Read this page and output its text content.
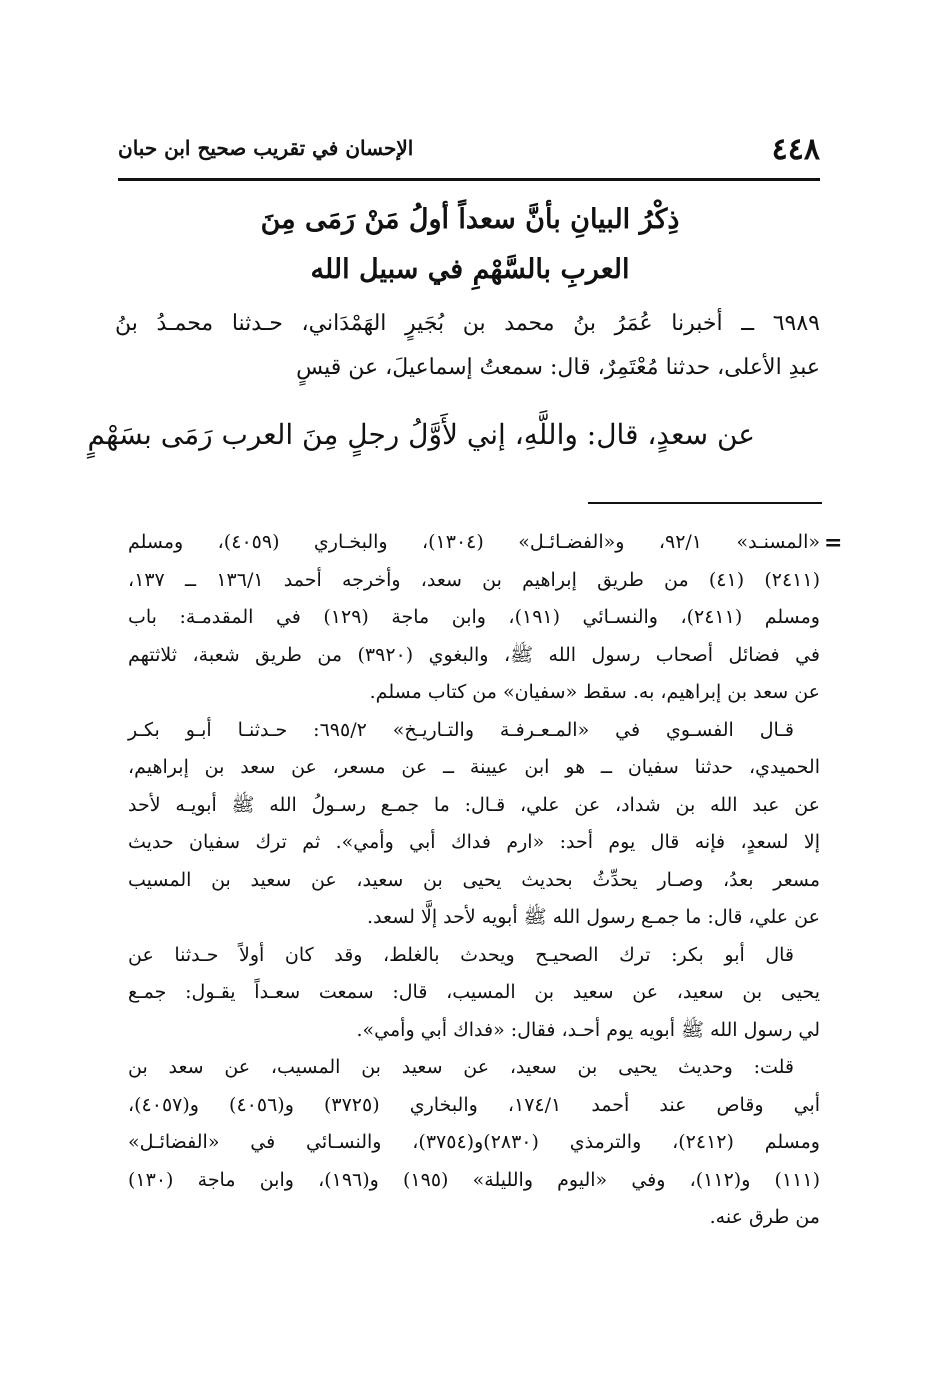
الإحسان في تقريب صحيح ابن حبان	٤٤٨
ذِكْرُ البيانِ بأنَّ سعداً أولُ مَنْ رَمَى مِنَ
العربِ بالسَّهْمِ في سبيل الله
٦٩٨٩ ــ أخبرنا عُمَرُ بنُ محمد بن بُجَيرٍ الهَمْدَاني، حـدثنا محمـدُ بنُ
عبدِ الأعلى، حدثنا مُعْتَمِرٌ، قال: سمعتُ إسماعيلَ، عن قيسٍ
عن سعدٍ، قال: واللَّهِ، إني لأَوَّلُ رجلٍ مِنَ العرب رَمَى بسَهْمٍ
=
«المسنـد» ٩٢/١، و«الفضـائـل» (١٣٠٤)، والبخـاري (٤٠٥٩)، ومسلم
(٢٤١١) (٤١) من طريق إبراهيم بن سعد، وأخرجه أحمد ١٣٦/١ ــ ١٣٧،
ومسلم (٢٤١١)، والنسـائي (١٩١)، وابن ماجة (١٢٩) في المقدمـة: باب
في فضائل أصحاب رسول الله ﷺ، والبغوي (٣٩٢٠) من طريق شعبة، ثلاثتهم
عن سعد بن إبراهيم، به. سقط «سفيان» من كتاب مسلم.
قـال الفسـوي في «المـعـرفـة والتـاريـخ» ٦٩٥/٢: حـدثنـا أبـو بكـر
الحميدي، حدثنا سفيان ــ هو ابن عيينة ــ عن مسعر، عن سعد بن إبراهيم،
عن عبد الله بن شداد، عن علي، قـال: ما جمـع رسـولُ الله ﷺ أبويـه لأحد
إلا لسعدٍ، فإنه قال يوم أحد: «ارم فداك أبي وأمي». ثم ترك سفيان حديث
مسعر بعدُ، وصـار يحدِّثُ بحديث يحيى بن سعيد، عن سعيد بن المسيب
عن علي، قال: ما جمـع رسول الله ﷺ أبويه لأحد إلَّا لسعد.
قال أبو بكر: ترك الصحيـح ويحدث بالغلط، وقد كان أولاً حـدثنا عن
يحيى بن سعيد، عن سعيد بن المسيب، قال: سمعت سعـداً يقـول: جمـع
لي رسول الله ﷺ أبويه يوم أحـد، فقال: «فداك أبي وأمي».
قلت: وحديث يحيى بن سعيد، عن سعيد بن المسيب، عن سعد بن
أبي وقاص عند أحمد ١٧٤/١، والبخاري (٣٧٢٥) و(٤٠٥٦) و(٤٠٥٧)،
ومسلم (٢٤١٢)، والترمذي (٢٨٣٠)و(٣٧٥٤)، والنسـائي في «الفضائـل»
(١١١) و(١١٢)، وفي «اليوم والليلة» (١٩٥) و(١٩٦)، وابن ماجة (١٣٠)
من طرق عنه.
